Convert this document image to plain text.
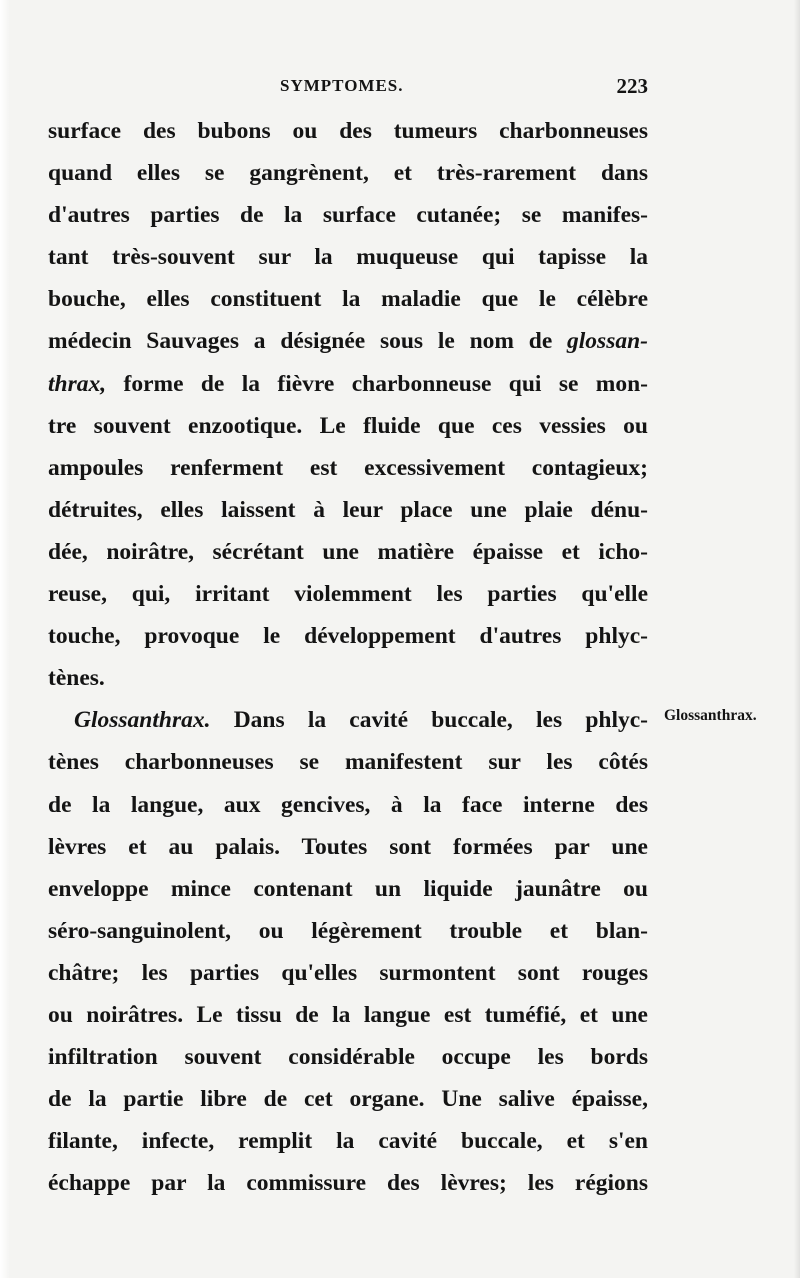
SYMPTOMES.	223
surface des bubons ou des tumeurs charbonneuses
quand elles se gangrènent, et très-rarement dans
d'autres parties de la surface cutanée; se manifes-
tant très-souvent sur la muqueuse qui tapisse la
bouche, elles constituent la maladie que le célèbre
médecin Sauvages a désignée sous le nom de glossan-
thrax, forme de la fièvre charbonneuse qui se mon-
tre souvent enzootique. Le fluide que ces vessies ou
ampoules renferment est excessivement contagieux;
détruites, elles laissent à leur place une plaie dénu-
dée, noirâtre, sécrétant une matière épaisse et icho-
reuse, qui, irritant violemment les parties qu'elle
touche, provoque le développement d'autres phlyc-
tènes.
Glossanthrax. Dans la cavité buccale, les phlyc-
tènes charbonneuses se manifestent sur les côtés
de la langue, aux gencives, à la face interne des
lèvres et au palais. Toutes sont formées par une
enveloppe mince contenant un liquide jaunâtre ou
séro-sanguinolent, ou légèrement trouble et blan-
châtre; les parties qu'elles surmontent sont rouges
ou noirâtres. Le tissu de la langue est tuméfié, et une
infiltration souvent considérable occupe les bords
de la partie libre de cet organe. Une salive épaisse,
filante, infecte, remplit la cavité buccale, et s'en
échappe par la commissure des lèvres; les régions
Glossanthrax.
